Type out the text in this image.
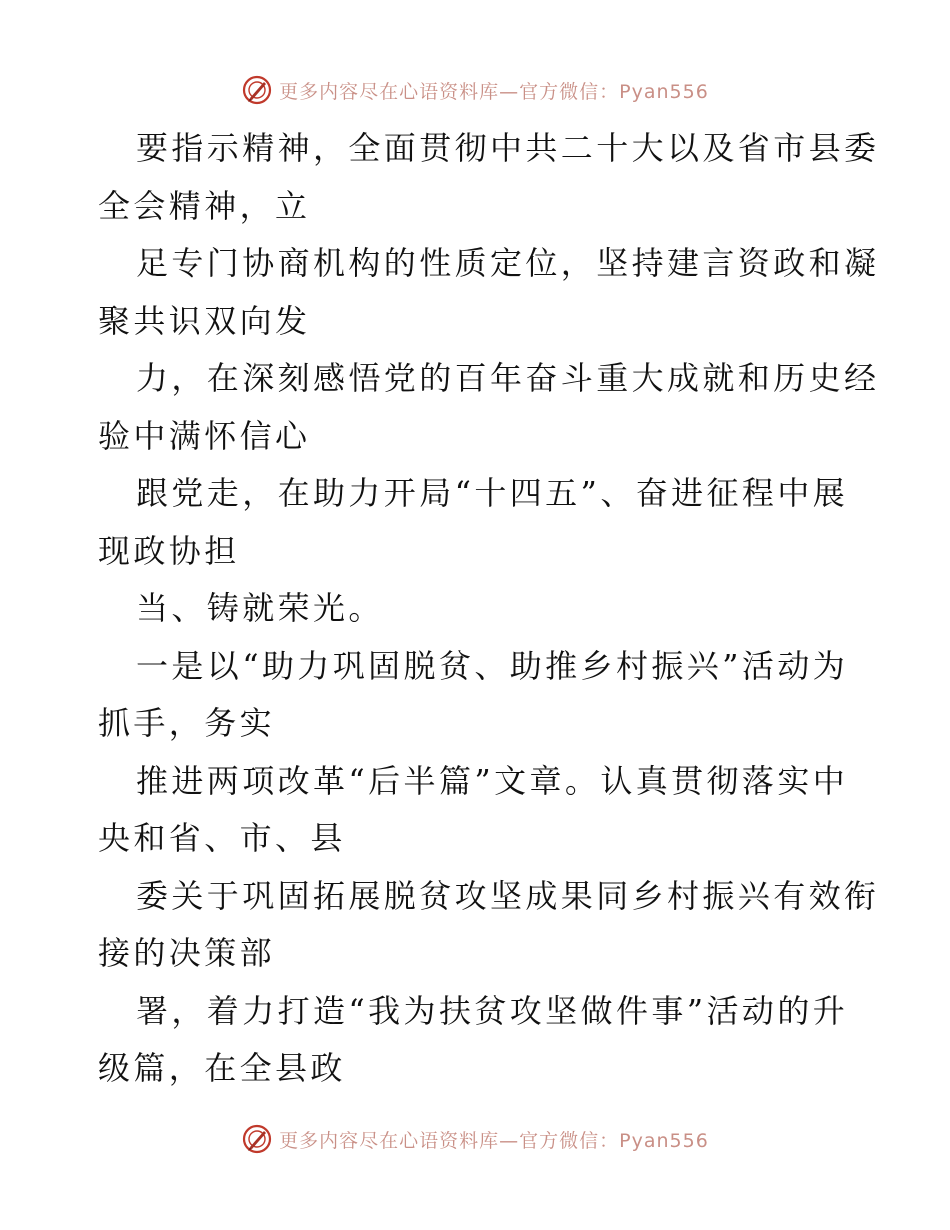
更多内容尽在心语资料库—官方微信：Pyan556
要指示精神，全面贯彻中共二十大以及省市县委
全会精神，立
足专门协商机构的性质定位，坚持建言资政和凝
聚共识双向发
力，在深刻感悟党的百年奋斗重大成就和历史经
验中满怀信心
跟党走，在助力开局“十四五”、奋进征程中展
现政协担
当、铸就荣光。
一是以“助力巩固脱贫、助推乡村振兴”活动为
抓手，务实
推进两项改革“后半篇”文章。认真贯彻落实中
央和省、市、县
委关于巩固拓展脱贫攻坚成果同乡村振兴有效衔
接的决策部
署，着力打造“我为扶贫攻坚做件事”活动的升
级篇，在全县政
更多内容尽在心语资料库—官方微信：Pyan556
